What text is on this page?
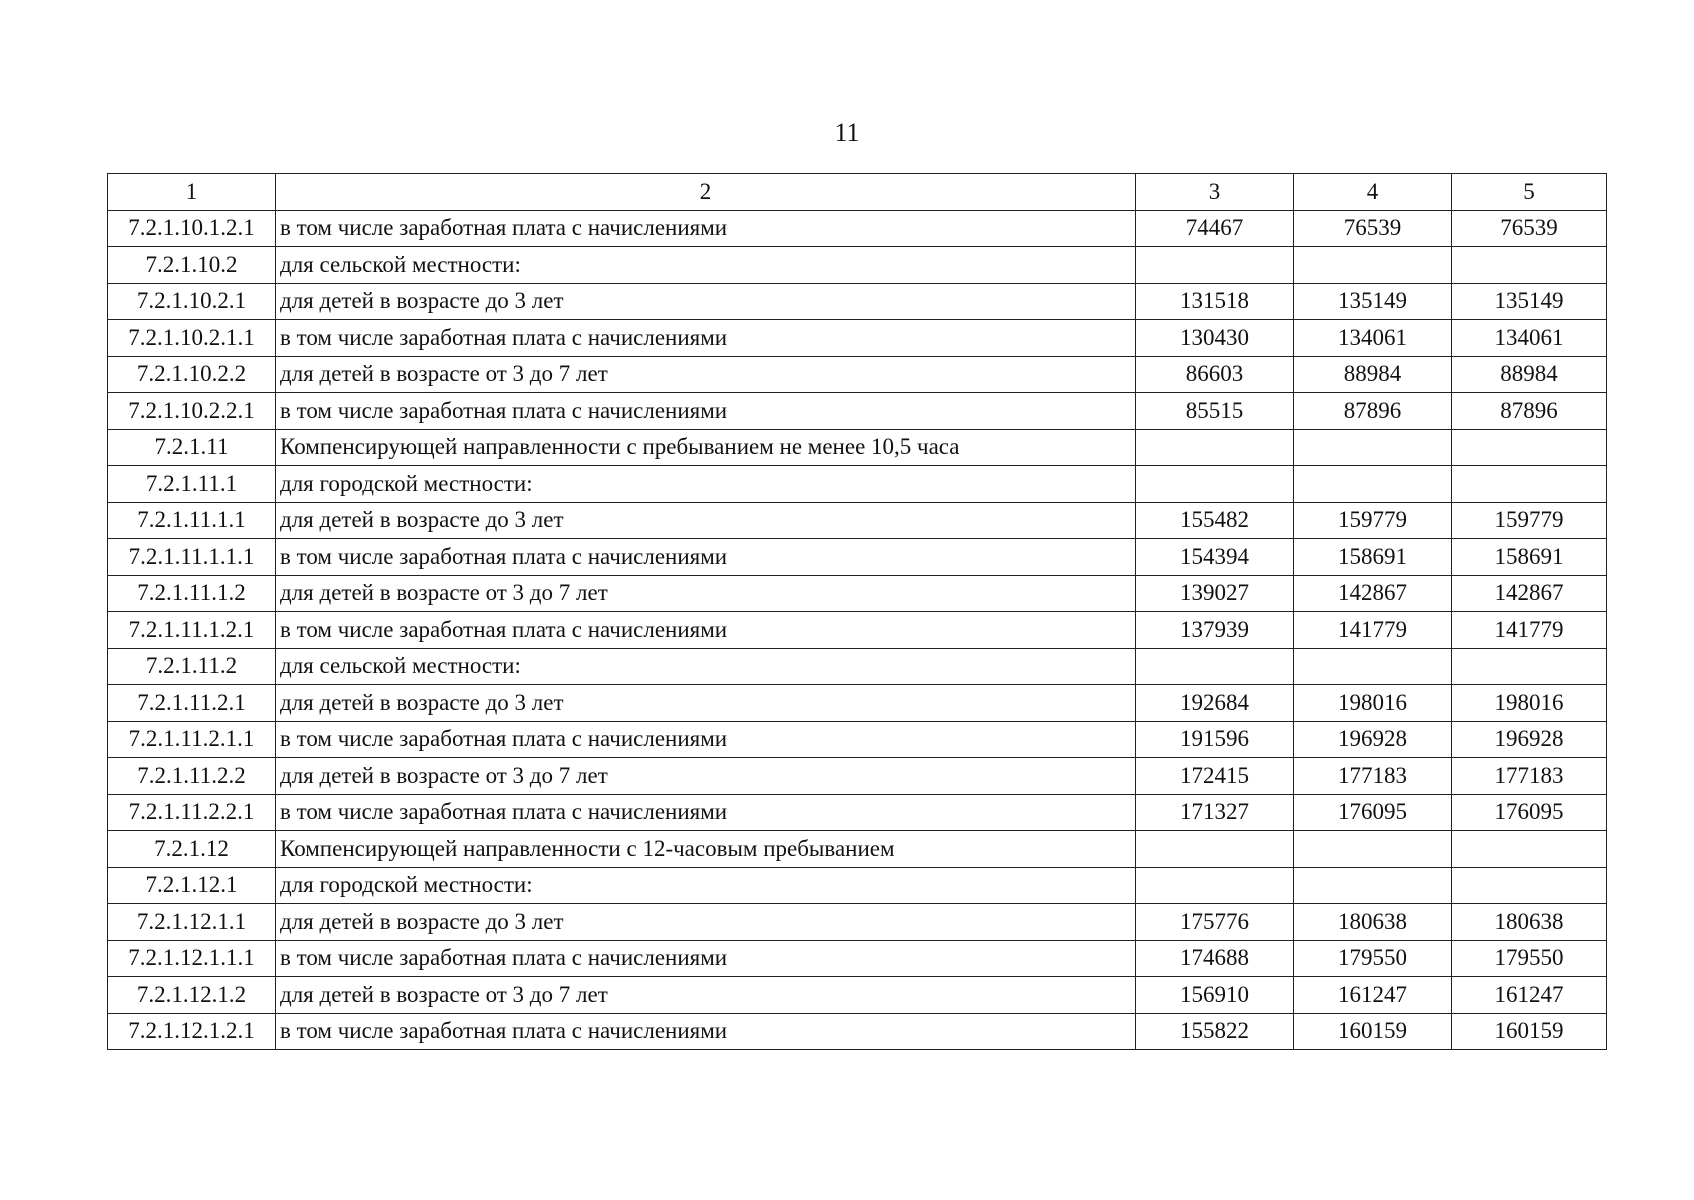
11
1	2	3	4	5
7.2.1.10.1.2.1	в том числе заработная плата с начислениями	74467	76539	76539
7.2.1.10.2	для сельской местности:			
7.2.1.10.2.1	для детей в возрасте до 3 лет	131518	135149	135149
7.2.1.10.2.1.1	в том числе заработная плата с начислениями	130430	134061	134061
7.2.1.10.2.2	для детей в возрасте от 3 до 7 лет	86603	88984	88984
7.2.1.10.2.2.1	в том числе заработная плата с начислениями	85515	87896	87896
7.2.1.11	Компенсирующей направленности с пребыванием не менее 10,5 часа			
7.2.1.11.1	для городской местности:			
7.2.1.11.1.1	для детей в возрасте до 3 лет	155482	159779	159779
7.2.1.11.1.1.1	в том числе заработная плата с начислениями	154394	158691	158691
7.2.1.11.1.2	для детей в возрасте от 3 до 7 лет	139027	142867	142867
7.2.1.11.1.2.1	в том числе заработная плата с начислениями	137939	141779	141779
7.2.1.11.2	для сельской местности:			
7.2.1.11.2.1	для детей в возрасте до 3 лет	192684	198016	198016
7.2.1.11.2.1.1	в том числе заработная плата с начислениями	191596	196928	196928
7.2.1.11.2.2	для детей в возрасте от 3 до 7 лет	172415	177183	177183
7.2.1.11.2.2.1	в том числе заработная плата с начислениями	171327	176095	176095
7.2.1.12	Компенсирующей направленности с 12-часовым пребыванием			
7.2.1.12.1	для городской местности:			
7.2.1.12.1.1	для детей в возрасте до 3 лет	175776	180638	180638
7.2.1.12.1.1.1	в том числе заработная плата с начислениями	174688	179550	179550
7.2.1.12.1.2	для детей в возрасте от 3 до 7 лет	156910	161247	161247
7.2.1.12.1.2.1	в том числе заработная плата с начислениями	155822	160159	160159
